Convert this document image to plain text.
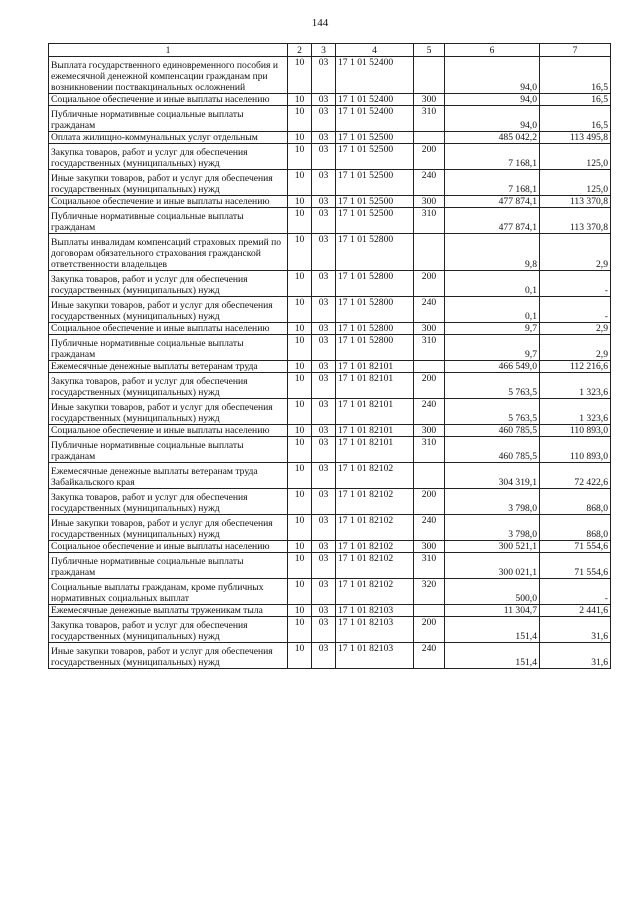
144
1	2	3	4	5	6	7
Выплата государственного единовременного пособия и ежемесячной денежной компенсации гражданам при возникновении поствакцинальных осложнений	10	03	17 1 01 52400		94,0	16,5
Социальное обеспечение и иные выплаты населению	10	03	17 1 01 52400	300	94,0	16,5
Публичные нормативные социальные выплаты гражданам	10	03	17 1 01 52400	310	94,0	16,5
Оплата жилищно-коммунальных услуг отдельным	10	03	17 1 01 52500		485 042,2	113 495,8
Закупка товаров, работ и услуг для обеспечения государственных (муниципальных) нужд	10	03	17 1 01 52500	200	7 168,1	125,0
Иные закупки товаров, работ и услуг для обеспечения государственных (муниципальных) нужд	10	03	17 1 01 52500	240	7 168,1	125,0
Социальное обеспечение и иные выплаты населению	10	03	17 1 01 52500	300	477 874,1	113 370,8
Публичные нормативные социальные выплаты гражданам	10	03	17 1 01 52500	310	477 874,1	113 370,8
Выплаты инвалидам компенсаций страховых премий по договорам обязательного страхования гражданской ответственности владельцев	10	03	17 1 01 52800		9,8	2,9
Закупка товаров, работ и услуг для обеспечения государственных (муниципальных) нужд	10	03	17 1 01 52800	200	0,1	-
Иные закупки товаров, работ и услуг для обеспечения государственных (муниципальных) нужд	10	03	17 1 01 52800	240	0,1	-
Социальное обеспечение и иные выплаты населению	10	03	17 1 01 52800	300	9,7	2,9
Публичные нормативные социальные выплаты гражданам	10	03	17 1 01 52800	310	9,7	2,9
Ежемесячные денежные выплаты ветеранам труда	10	03	17 1 01 82101		466 549,0	112 216,6
Закупка товаров, работ и услуг для обеспечения государственных (муниципальных) нужд	10	03	17 1 01 82101	200	5 763,5	1 323,6
Иные закупки товаров, работ и услуг для обеспечения государственных (муниципальных) нужд	10	03	17 1 01 82101	240	5 763,5	1 323,6
Социальное обеспечение и иные выплаты населению	10	03	17 1 01 82101	300	460 785,5	110 893,0
Публичные нормативные социальные выплаты гражданам	10	03	17 1 01 82101	310	460 785,5	110 893,0
Ежемесячные денежные выплаты ветеранам труда Забайкальского края	10	03	17 1 01 82102		304 319,1	72 422,6
Закупка товаров, работ и услуг для обеспечения государственных (муниципальных) нужд	10	03	17 1 01 82102	200	3 798,0	868,0
Иные закупки товаров, работ и услуг для обеспечения государственных (муниципальных) нужд	10	03	17 1 01 82102	240	3 798,0	868,0
Социальное обеспечение и иные выплаты населению	10	03	17 1 01 82102	300	300 521,1	71 554,6
Публичные нормативные социальные выплаты гражданам	10	03	17 1 01 82102	310	300 021,1	71 554,6
Социальные выплаты гражданам, кроме публичных нормативных социальных выплат	10	03	17 1 01 82102	320	500,0	-
Ежемесячные денежные выплаты труженикам тыла	10	03	17 1 01 82103		11 304,7	2 441,6
Закупка товаров, работ и услуг для обеспечения государственных (муниципальных) нужд	10	03	17 1 01 82103	200	151,4	31,6
Иные закупки товаров, работ и услуг для обеспечения государственных (муниципальных) нужд	10	03	17 1 01 82103	240	151,4	31,6
